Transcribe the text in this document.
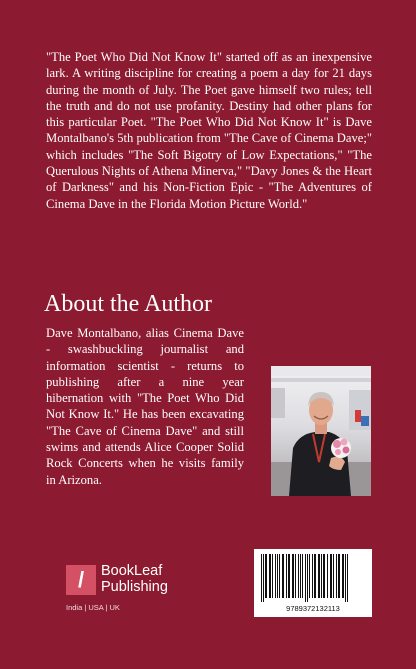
"The Poet Who Did Not Know It" started off as an inexpensive lark. A writing discipline for creating a poem a day for 21 days during the month of July. The Poet gave himself two rules; tell the truth and do not use profanity. Destiny had other plans for this particular Poet. "The Poet Who Did Not Know It" is Dave Montalbano's 5th publication from "The Cave of Cinema Dave;" which includes "The Soft Bigotry of Low Expectations," "The Querulous Nights of Athena Minerva," "Davy Jones & the Heart of Darkness" and his Non-Fiction Epic - "The Adventures of Cinema Dave in the Florida Motion Picture World."

About the Author

Dave Montalbano, alias Cinema Dave - swashbuckling journalist and information scientist - returns to publishing after a nine year hibernation with "The Poet Who Did Not Know It." He has been excavating "The Cave of Cinema Dave" and still swims and attends Alice Cooper Solid Rock Concerts when he visits family in Arizona.

/	BookLeaf
Publishing
India | USA | UK	9789372132113
